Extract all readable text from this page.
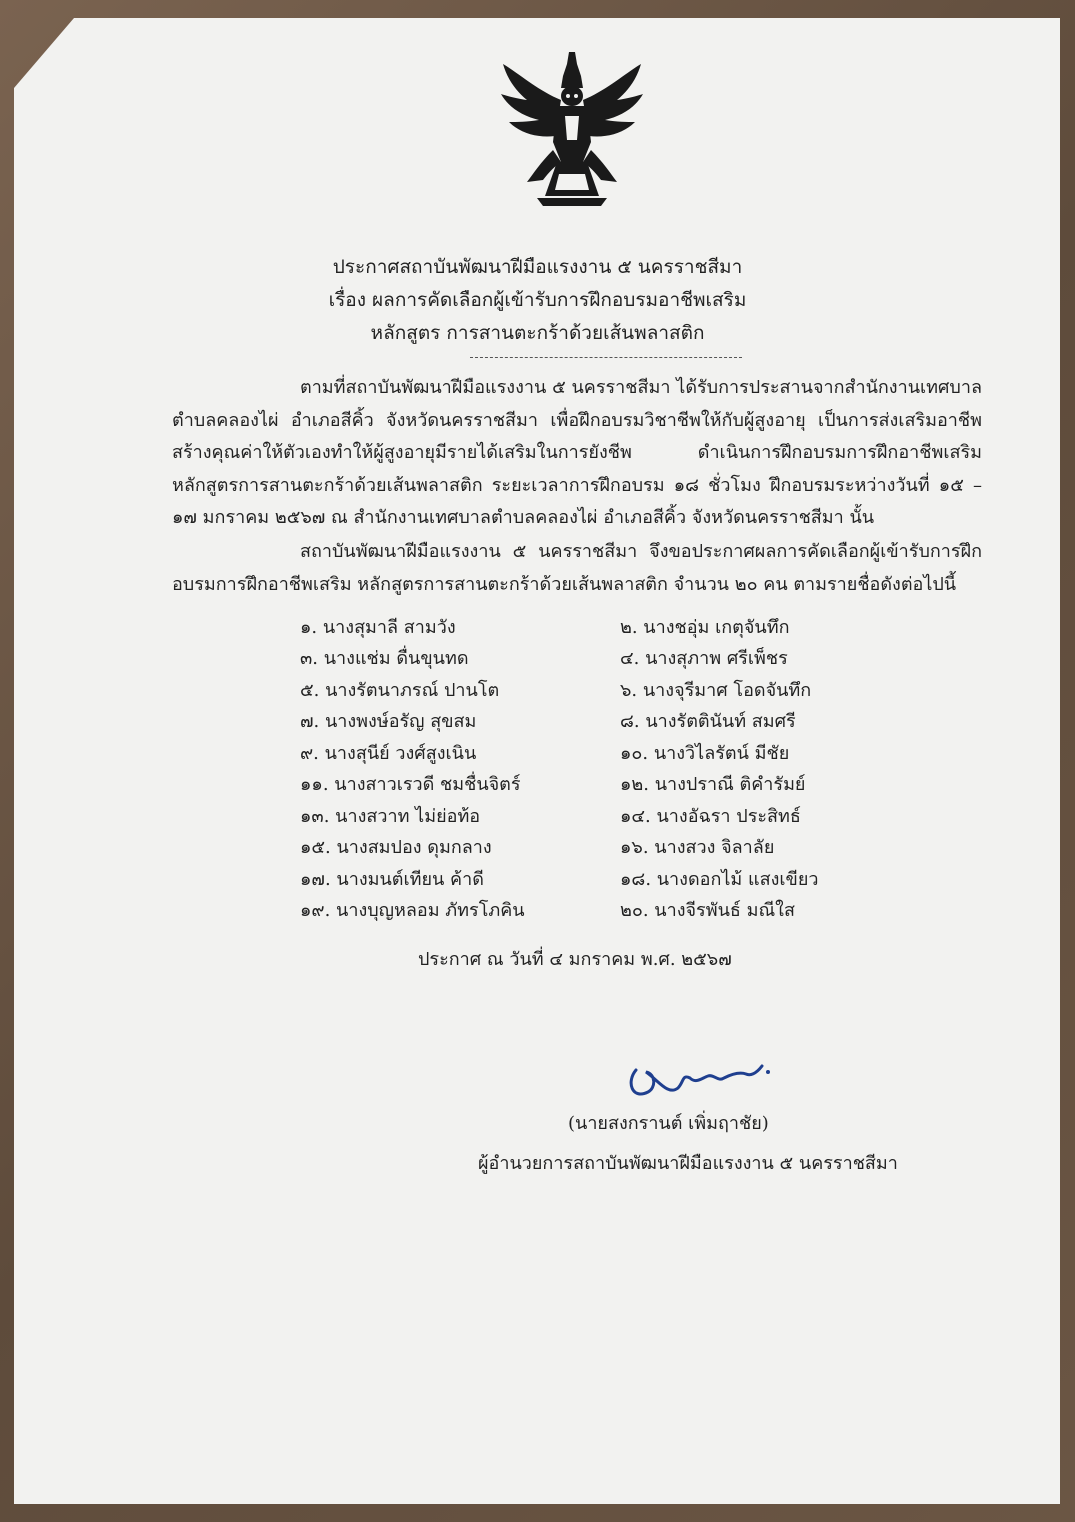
ประกาศสถาบันพัฒนาฝีมือแรงงาน ๕ นครราชสีมา
เรื่อง ผลการคัดเลือกผู้เข้ารับการฝึกอบรมอาชีพเสริม
หลักสูตร การสานตะกร้าด้วยเส้นพลาสติก
ตามที่สถาบันพัฒนาฝีมือแรงงาน ๕ นครราชสีมา ได้รับการประสานจากสำนักงานเทศบาลตำบลคลองไผ่ อำเภอสีคิ้ว จังหวัดนครราชสีมา เพื่อฝึกอบรมวิชาชีพให้กับผู้สูงอายุ เป็นการส่งเสริมอาชีพ สร้างคุณค่าให้ตัวเองทำให้ผู้สูงอายุมีรายได้เสริมในการยังชีพ ดำเนินการฝึกอบรมการฝึกอาชีพเสริม หลักสูตรการสานตะกร้าด้วยเส้นพลาสติก ระยะเวลาการฝึกอบรม ๑๘ ชั่วโมง ฝึกอบรมระหว่างวันที่ ๑๕ – ๑๗ มกราคม ๒๕๖๗ ณ สำนักงานเทศบาลตำบลคลองไผ่ อำเภอสีคิ้ว จังหวัดนครราชสีมา นั้น
สถาบันพัฒนาฝีมือแรงงาน ๕ นครราชสีมา จึงขอประกาศผลการคัดเลือกผู้เข้ารับการฝึกอบรมการฝึกอาชีพเสริม หลักสูตรการสานตะกร้าด้วยเส้นพลาสติก จำนวน ๒๐ คน ตามรายชื่อดังต่อไปนี้
๑. นางสุมาลี สามวัง	๒. นางชอุ่ม เกตุจันทึก
๓. นางแช่ม ดื่นขุนทด	๔. นางสุภาพ ศรีเพ็ชร
๕. นางรัตนาภรณ์ ปานโต	๖. นางจุรีมาศ โอดจันทึก
๗. นางพงษ์อรัญ สุขสม	๘. นางรัตตินันท์ สมศรี
๙. นางสุนีย์ วงศ์สูงเนิน	๑๐. นางวิไลรัตน์ มีชัย
๑๑. นางสาวเรวดี ชมชื่นจิตร์	๑๒. นางปราณี ติคำรัมย์
๑๓. นางสวาท ไม่ย่อท้อ	๑๔. นางอัฉรา ประสิทธ์
๑๕. นางสมปอง ดุมกลาง	๑๖. นางสวง จิลาลัย
๑๗. นางมนต์เทียน ค้าดี	๑๘. นางดอกไม้ แสงเขียว
๑๙. นางบุญหลอม ภัทรโภคิน	๒๐. นางจีรพันธ์ มณีใส
ประกาศ ณ วันที่ ๔ มกราคม พ.ศ. ๒๕๖๗
(นายสงกรานต์ เพิ่มฤาชัย)
ผู้อำนวยการสถาบันพัฒนาฝีมือแรงงาน ๕ นครราชสีมา
